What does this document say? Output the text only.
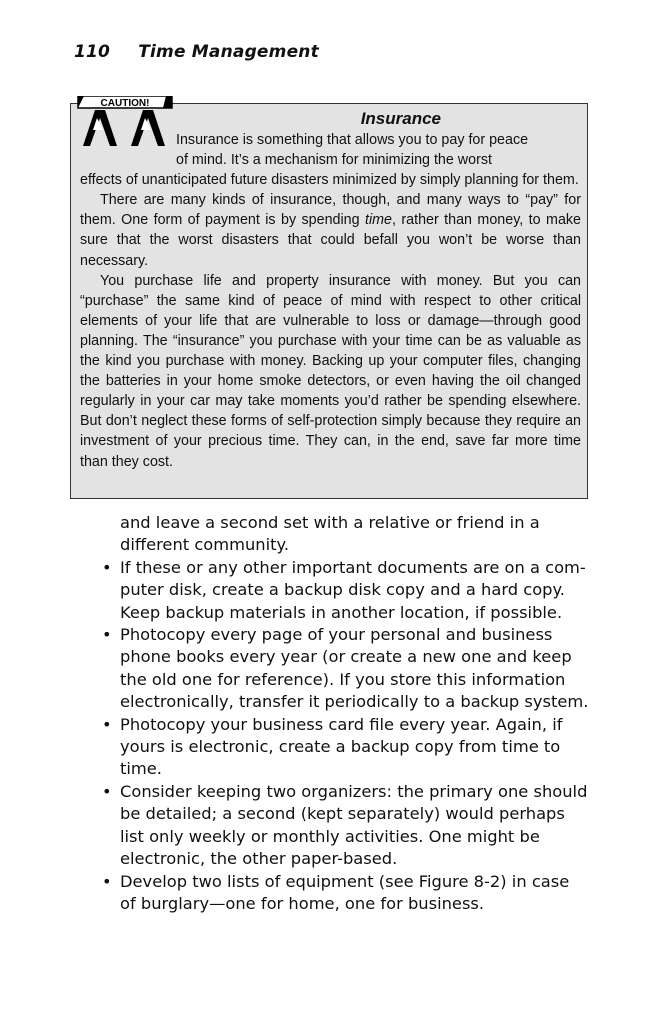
110 Time Management
CAUTION!
Insurance
Insurance is something that allows you to pay for peace
of mind. It’s a mechanism for minimizing the worst

effects of unanticipated future disasters minimized by simply planning for them.

There are many kinds of insurance, though, and many ways to “pay” for them. One form of payment is by spending time, rather than money, to make sure that the worst disasters that could befall you won’t be worse than necessary.

You purchase life and property insurance with money. But you can “purchase” the same kind of peace of mind with respect to other critical elements of your life that are vulnerable to loss or damage—through good planning. The “insurance” you purchase with your time can be as valuable as the kind you purchase with money. Backing up your computer files, changing the batteries in your home smoke detectors, or even having the oil changed regularly in your car may take moments you’d rather be spending elsewhere. But don’t neglect these forms of self-protection simply because they require an investment of your precious time. They can, in the end, save far more time than they cost.

and leave a second set with a relative or friend in a different community.

• If these or any other important documents are on a computer disk, create a backup disk copy and a hard copy. Keep backup materials in another location, if possible.
• Photocopy every page of your personal and business phone books every year (or create a new one and keep the old one for reference). If you store this information electronically, transfer it periodically to a backup system.
• Photocopy your business card file every year. Again, if yours is electronic, create a backup copy from time to time.
• Consider keeping two organizers: the primary one should be detailed; a second (kept separately) would perhaps list only weekly or monthly activities. One might be electronic, the other paper-based.
• Develop two lists of equipment (see Figure 8-2) in case of burglary—one for home, one for business.
